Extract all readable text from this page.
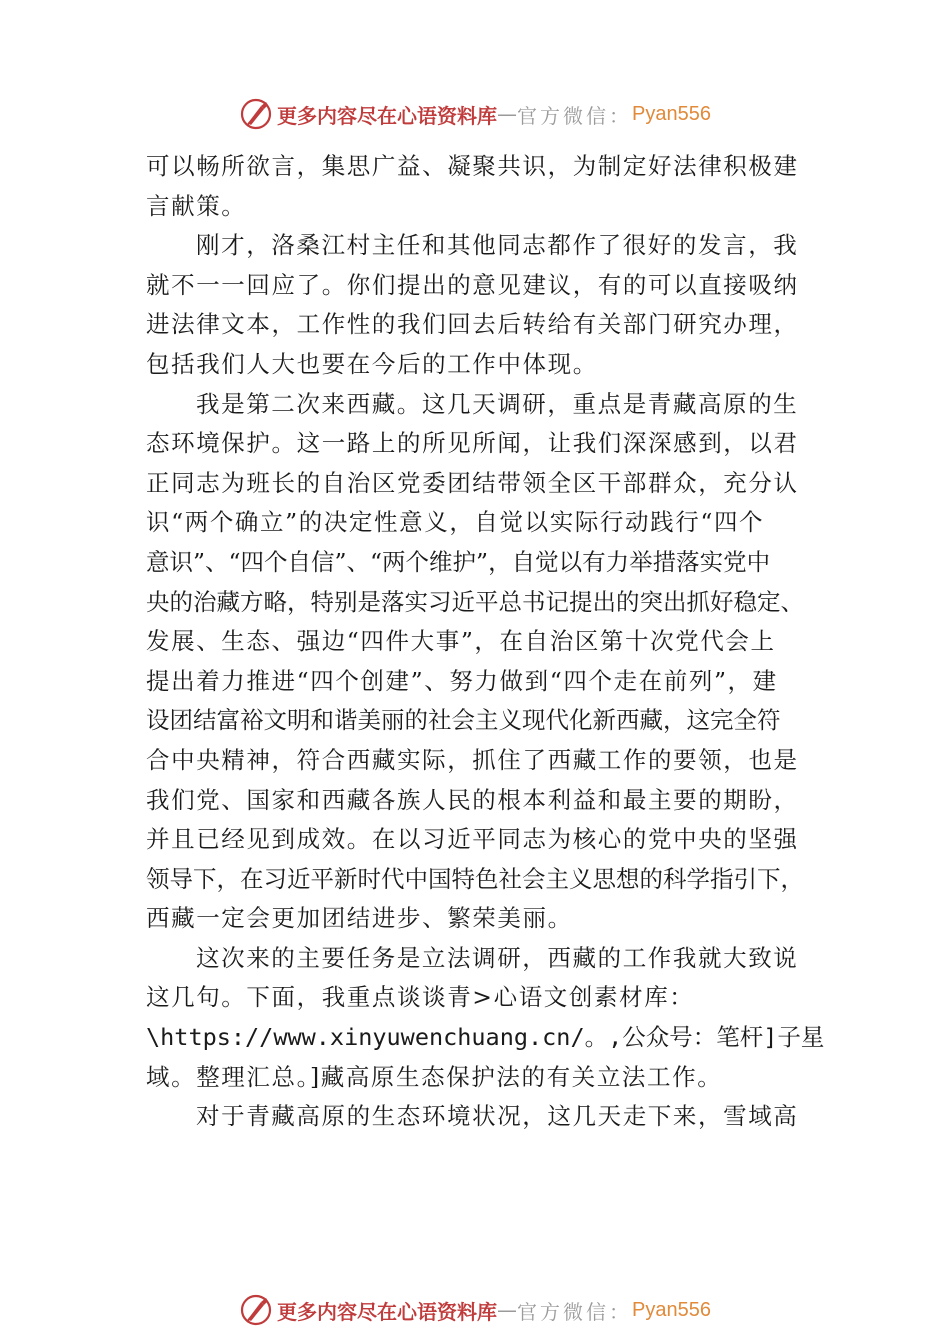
更多内容尽在心语资料库 — 官方微信： Pyan556
可以畅所欲言，集思广益、凝聚共识，为制定好法律积极建
言献策。
刚才，洛桑江村主任和其他同志都作了很好的发言，我
就不一一回应了。你们提出的意见建议，有的可以直接吸纳
进法律文本，工作性的我们回去后转给有关部门研究办理，
包括我们人大也要在今后的工作中体现。
我是第二次来西藏。这几天调研，重点是青藏高原的生
态环境保护。这一路上的所见所闻，让我们深深感到，以君
正同志为班长的自治区党委团结带领全区干部群众，充分认
识“两个确立”的决定性意义，自觉以实际行动践行“四个
意识”、“四个自信”、“两个维护”，自觉以有力举措落实党中
央的治藏方略，特别是落实习近平总书记提出的突出抓好稳定、
发展、生态、强边“四件大事”，在自治区第十次党代会上
提出着力推进“四个创建”、努力做到“四个走在前列”，建
设团结富裕文明和谐美丽的社会主义现代化新西藏，这完全符
合中央精神，符合西藏实际，抓住了西藏工作的要领，也是
我们党、国家和西藏各族人民的根本利益和最主要的期盼，
并且已经见到成效。在以习近平同志为核心的党中央的坚强
领导下，在习近平新时代中国特色社会主义思想的科学指引下，
西藏一定会更加团结进步、繁荣美丽。
这次来的主要任务是立法调研，西藏的工作我就大致说
这几句。下面，我重点谈谈青>心语文创素材库：
\https://www.xinyuwenchuang.cn/。,公众号：笔杆]子星
域。整理汇总。]藏高原生态保护法的有关立法工作。
对于青藏高原的生态环境状况，这几天走下来，雪域高
更多内容尽在心语资料库 — 官方微信： Pyan556
